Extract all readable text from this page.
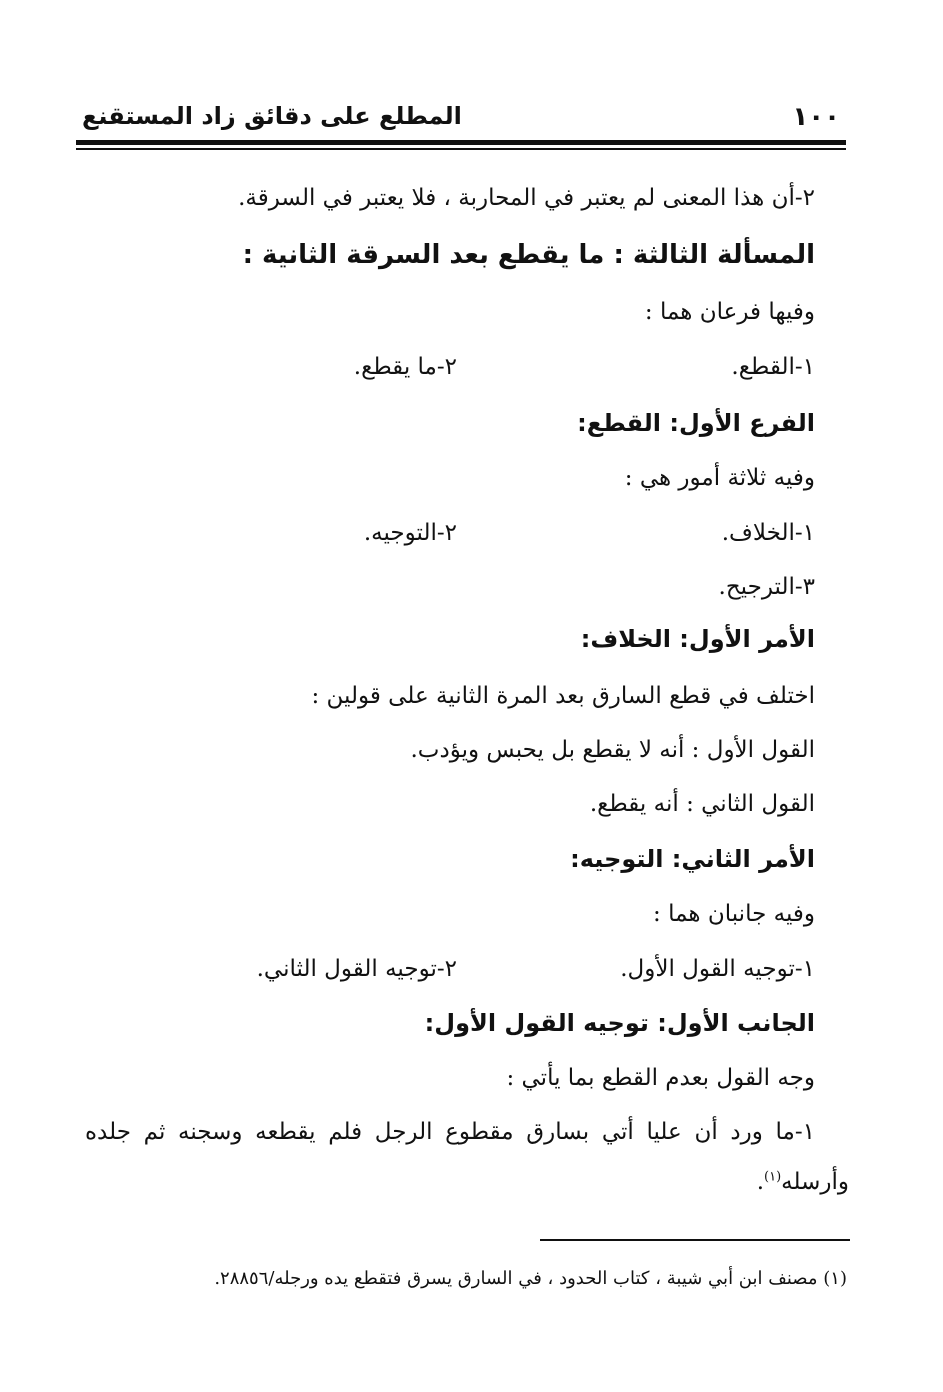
١٠٠
المطلع على دقائق زاد المستقنع
٢-أن هذا المعنى لم يعتبر في المحاربة ، فلا يعتبر في السرقة.
المسألة الثالثة : ما يقطع بعد السرقة الثانية :
وفيها فرعان هما :
١-القطع.
٢-ما يقطع.
الفرع الأول: القطع:
وفيه ثلاثة أمور هي :
١-الخلاف.
٢-التوجيه.
٣-الترجيح.
الأمر الأول: الخلاف:
اختلف في قطع السارق بعد المرة الثانية على قولين :
القول الأول : أنه لا يقطع بل يحبس ويؤدب.
القول الثاني : أنه يقطع.
الأمر الثاني: التوجيه:
وفيه جانبان هما :
١-توجيه القول الأول.
٢-توجيه القول الثاني.
الجانب الأول: توجيه القول الأول:
وجه القول بعدم القطع بما يأتي :
١-ما ورد أن عليا أتي بسارق مقطوع الرجل فلم يقطعه وسجنه ثم جلده
وأرسله$^{(١)}$.
(١) مصنف ابن أبي شيبة ، كتاب الحدود ، في السارق يسرق فتقطع يده ورجله/٢٨٨٥٦.
